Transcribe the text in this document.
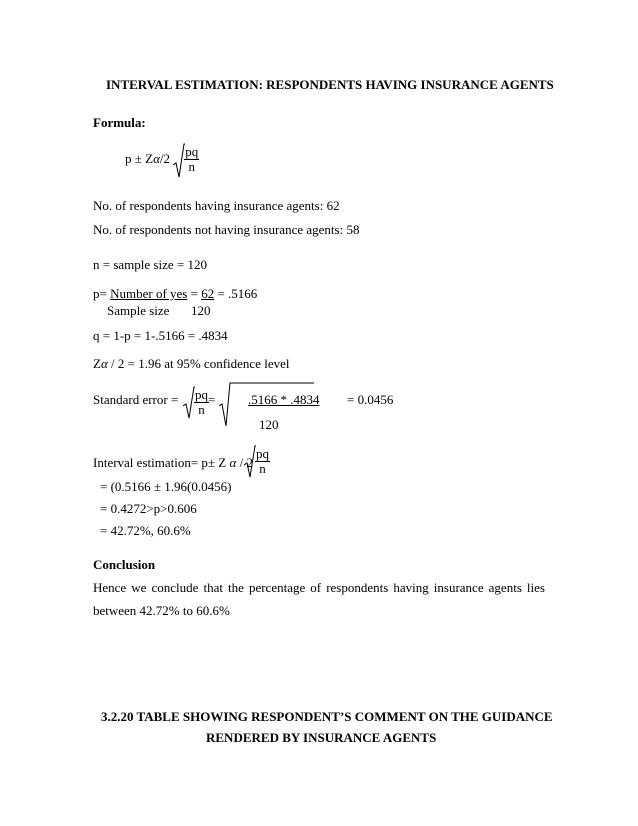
INTERVAL ESTIMATION: RESPONDENTS HAVING INSURANCE AGENTS
Formula:
$p \pm Z\alpha/2 \frac{pq}{n}$
No. of respondents having insurance agents: 62
No. of respondents not having insurance agents: 58
n = sample size = 120
p= Number of yes = 62 = .5166
Sample size 120
q = 1-p = 1-.5166 = .4834
Zα / 2 = 1.96 at 95% confidence level
Standard error = $\frac{pq}{n}$ =	.5166 * .4834 = 0.0456
120
Interval estimation= p± Z α / $2 \frac{pq}{n}$
= (0.5166 ± 1.96(0.0456)
= 0.4272>p>0.606
= 42.72%, 60.6%
Conclusion
Hence we conclude that the percentage of respondents having insurance agents lies
between 42.72% to 60.6%
3.2.20 TABLE SHOWING RESPONDENT’S COMMENT ON THE GUIDANCE
RENDERED BY INSURANCE AGENTS
